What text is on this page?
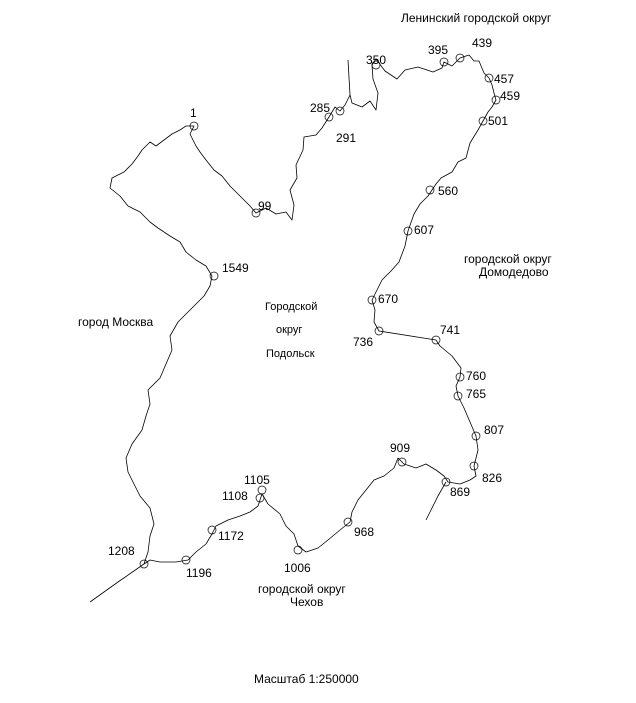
1
99
285
291
350
395 439
457
459
501
560
607
670
736
741
760
765
807
826
869
909
968
1006
1105
1108
1172
1196
1208
1549
Ленинский городской округ
городской округ
Домодедово
город Москва
городской округ
Чехов
Городской
округ
Подольск
Масштаб 1:250000
